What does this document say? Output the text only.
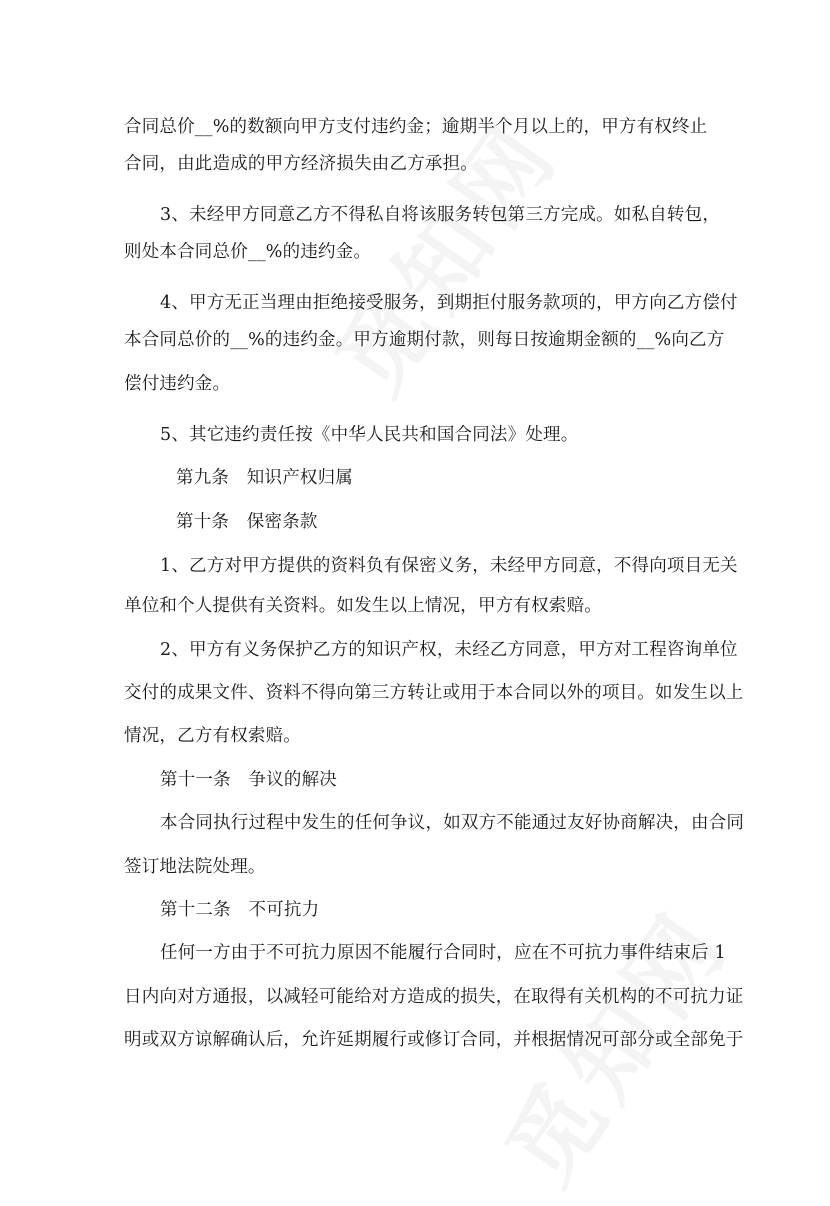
合同总价__%的数额向甲方支付违约金；逾期半个月以上的，甲方有权终止
合同，由此造成的甲方经济损失由乙方承担。
3、未经甲方同意乙方不得私自将该服务转包第三方完成。如私自转包，
则处本合同总价__%的违约金。
4、甲方无正当理由拒绝接受服务，到期拒付服务款项的，甲方向乙方偿付
本合同总价的__%的违约金。甲方逾期付款，则每日按逾期金额的__%向乙方
偿付违约金。
5、其它违约责任按《中华人民共和国合同法》处理。
第九条　知识产权归属
第十条　保密条款
1、乙方对甲方提供的资料负有保密义务，未经甲方同意，不得向项目无关
单位和个人提供有关资料。如发生以上情况，甲方有权索赔。
2、甲方有义务保护乙方的知识产权，未经乙方同意，甲方对工程咨询单位
交付的成果文件、资料不得向第三方转让或用于本合同以外的项目。如发生以上
情况，乙方有权索赔。
第十一条　争议的解决
本合同执行过程中发生的任何争议，如双方不能通过友好协商解决，由合同
签订地法院处理。
第十二条　不可抗力
任何一方由于不可抗力原因不能履行合同时，应在不可抗力事件结束后 1
日内向对方通报，以减轻可能给对方造成的损失，在取得有关机构的不可抗力证
明或双方谅解确认后，允许延期履行或修订合同，并根据情况可部分或全部免于
